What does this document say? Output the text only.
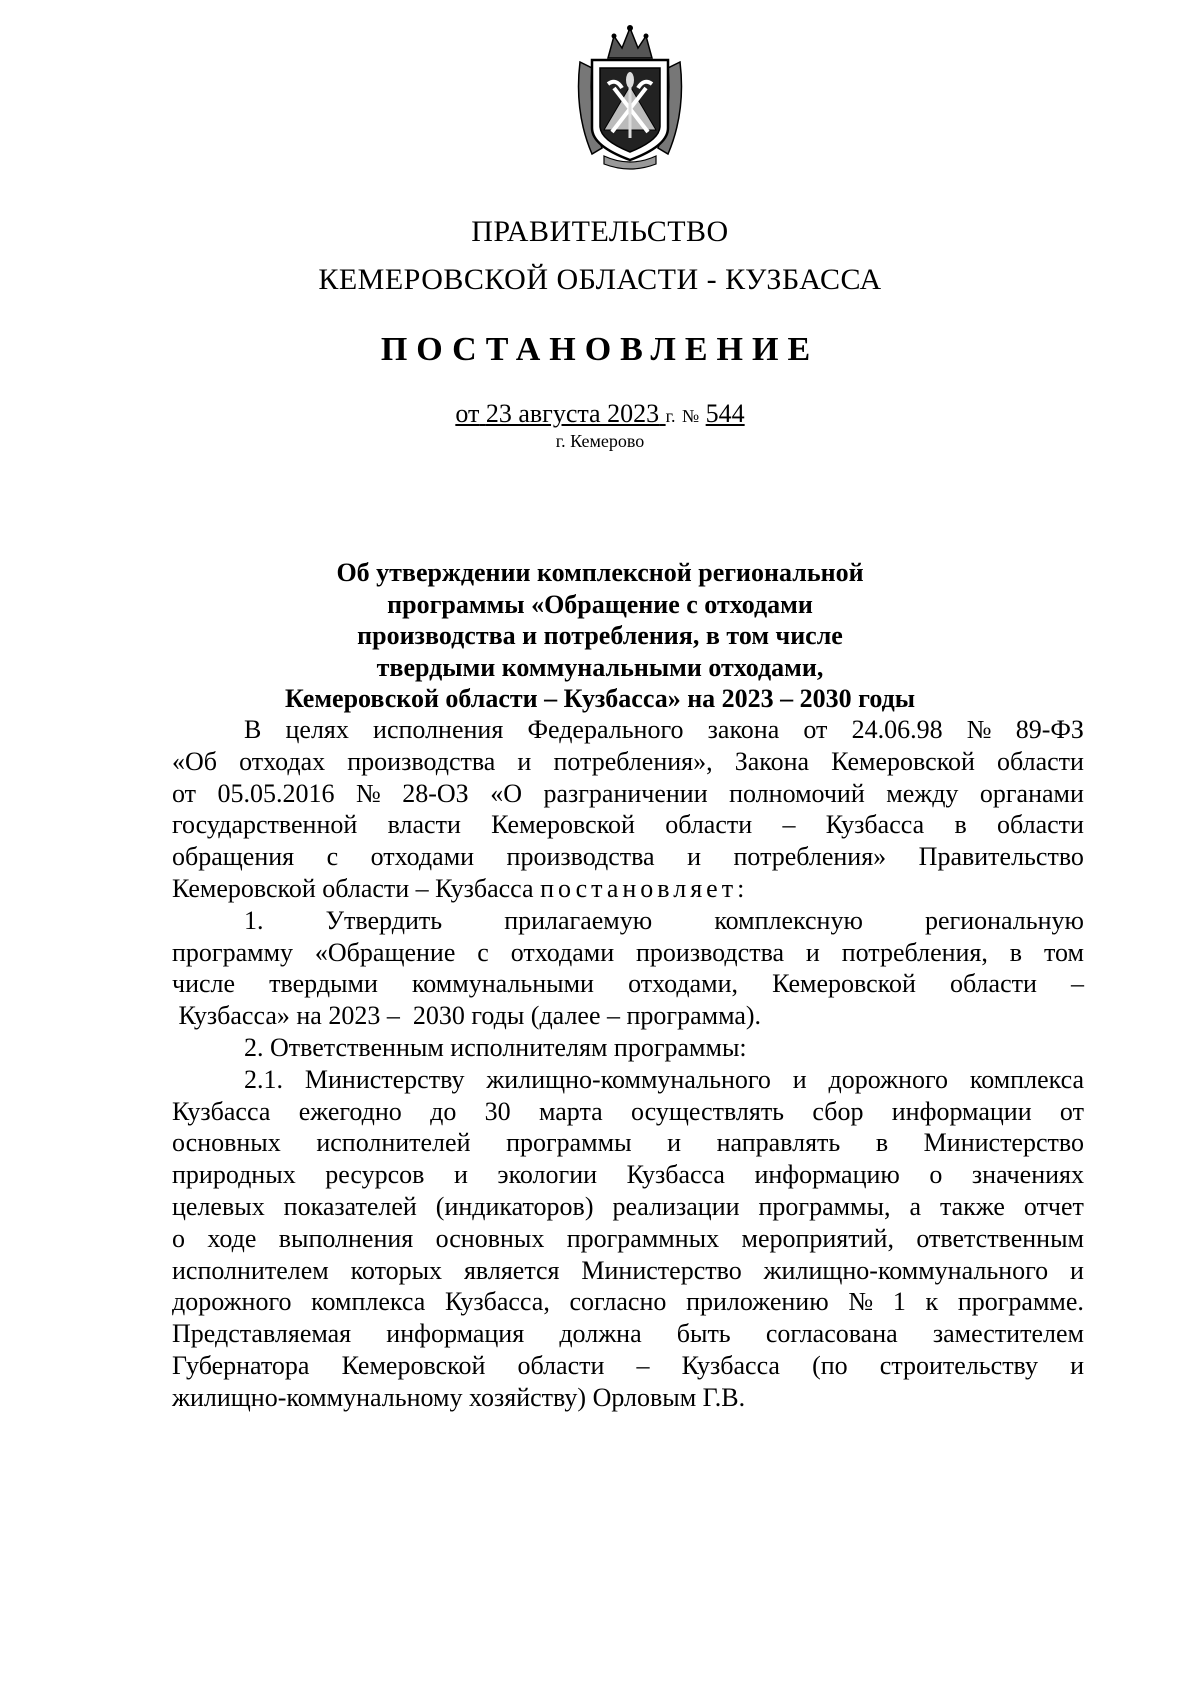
ПРАВИТЕЛЬСТВО
КЕМЕРОВСКОЙ ОБЛАСТИ - КУЗБАССА
ПОСТАНОВЛЕНИЕ
от 23 августа 2023 г. № 544
г. Кемерово
Об утверждении комплексной региональной
программы «Обращение с отходами
производства и потребления, в том числе
твердыми коммунальными отходами,
Кемеровской области – Кузбасса» на 2023 – 2030 годы
В целях исполнения Федерального закона от 24.06.98 № 89-ФЗ
«Об отходах производства и потребления», Закона Кемеровской области
от 05.05.2016 № 28-ОЗ «О разграничении полномочий между органами
государственной власти Кемеровской области – Кузбасса в области
обращения с отходами производства и потребления» Правительство
Кемеровской области – Кузбасса
постановляет:
1. Утвердить прилагаемую комплексную региональную
программу «Обращение с отходами производства и потребления, в том
числе твердыми коммунальными отходами, Кемеровской области –
Кузбасса» на 2023 –  2030 годы (далее – программа).
2. Ответственным исполнителям программы:
2.1. Министерству жилищно-коммунального и дорожного комплекса
Кузбасса ежегодно до 30 марта осуществлять сбор информации от
основных исполнителей программы и направлять в Министерство
природных ресурсов и экологии Кузбасса информацию о значениях
целевых показателей (индикаторов) реализации программы, а также отчет
о ходе выполнения основных программных мероприятий, ответственным
исполнителем которых является Министерство жилищно-коммунального и
дорожного комплекса Кузбасса, согласно приложению № 1 к программе.
Представляемая информация должна быть согласована заместителем
Губернатора Кемеровской области – Кузбасса (по строительству и
жилищно-коммунальному хозяйству) Орловым Г.В.
